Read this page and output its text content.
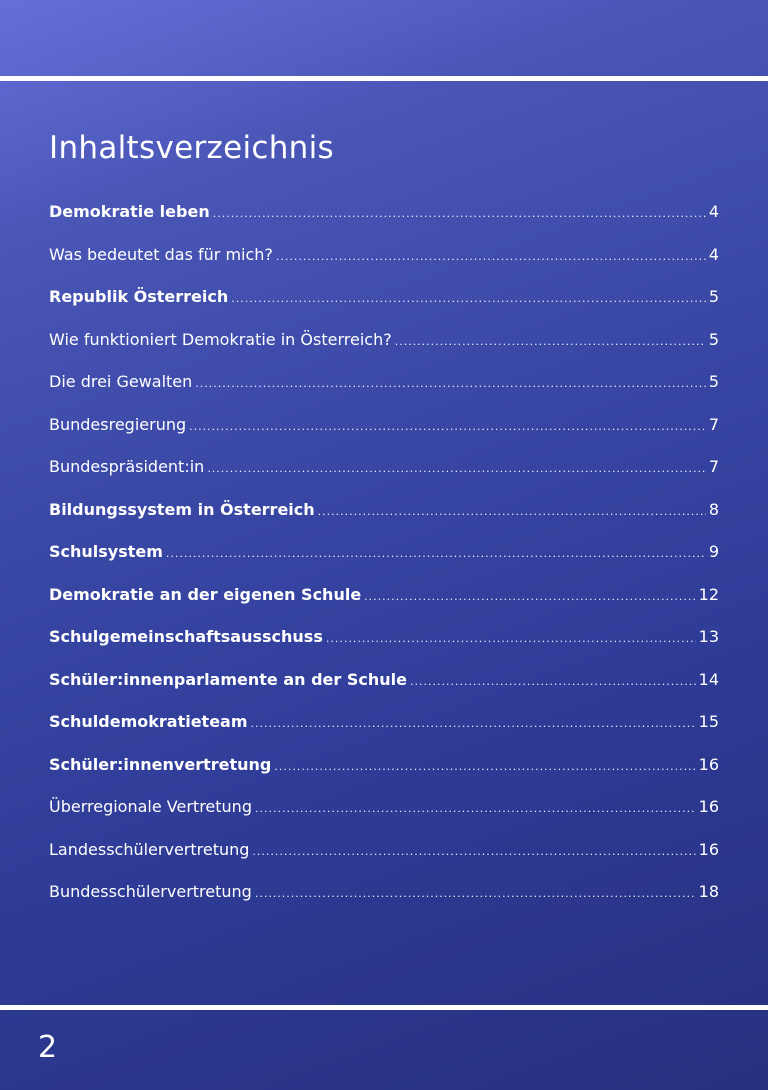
Inhaltsverzeichnis
Demokratie leben .....	4
Was bedeutet das für mich? .....	4
Republik Österreich .....	5
Wie funktioniert Demokratie in Österreich? .....	5
Die drei Gewalten .....	5
Bundesregierung .....	7
Bundespräsident:in .....	7
Bildungssystem in Österreich .....	8
Schulsystem .....	9
Demokratie an der eigenen Schule .....	12
Schulgemeinschaftsausschuss .....	13
Schüler:innenparlamente an der Schule .....	14
Schuldemokratieteam .....	15
Schüler:innenvertretung .....	16
Überregionale Vertretung .....	16
Landesschülervertretung .....	16
Bundesschülervertretung .....	18
2
